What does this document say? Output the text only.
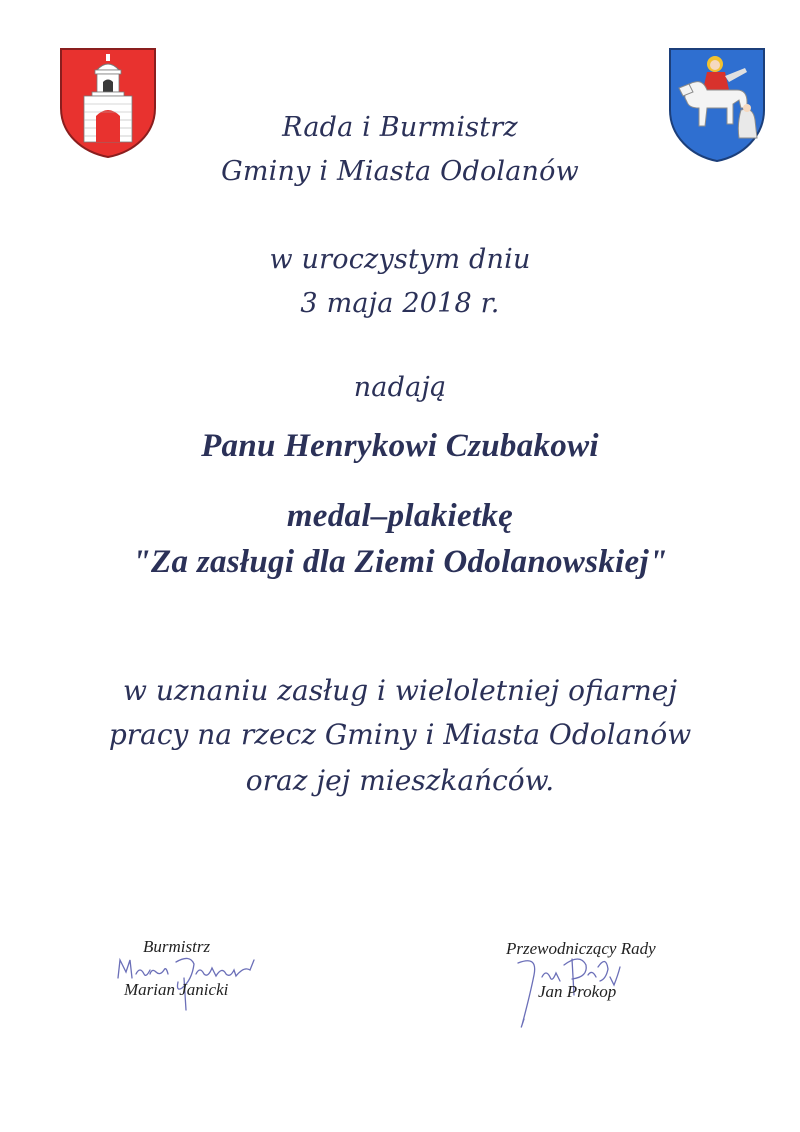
Rada i Burmistrz
Gminy i Miasta Odolanów
w uroczystym dniu
3 maja 2018 r.
nadają
Panu Henrykowi Czubakowi
medal–plakietkę
"Za zasługi dla Ziemi Odolanowskiej"
w uznaniu zasług i wieloletniej ofiarnej
pracy na rzecz Gminy i Miasta Odolanów
oraz jej mieszkańców.
Burmistrz
Marian Janicki
Przewodniczący Rady
Jan Prokop
